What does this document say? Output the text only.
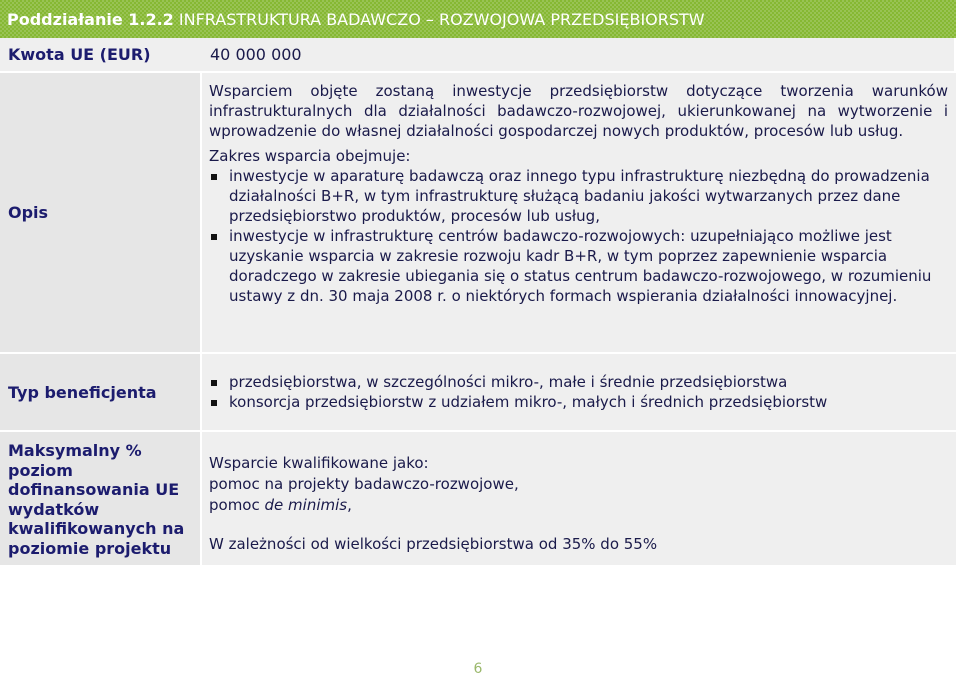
Poddziałanie 1.2.2 INFRASTRUKTURA BADAWCZO – ROZWOJOWA PRZEDSIĘBIORSTW
Kwota UE (EUR)	40 000 000
Opis

Wsparciem objęte zostaną inwestycje przedsiębiorstw dotyczące tworzenia warunków infrastrukturalnych dla działalności badawczo-rozwojowej, ukierunkowanej na wytworzenie i wprowadzenie do własnej działalności gospodarczej nowych produktów, procesów lub usług.

Zakres wsparcia obejmuje:

inwestycje w aparaturę badawczą oraz innego typu infrastrukturę niezbędną do prowadzenia działalności B+R, w tym infrastrukturę służącą badaniu jakości wytwarzanych przez dane przedsiębiorstwo produktów, procesów lub usług,
inwestycje w infrastrukturę centrów badawczo-rozwojowych: uzupełniająco możliwe jest uzyskanie wsparcia w zakresie rozwoju kadr B+R, w tym poprzez zapewnienie wsparcia doradczego w zakresie ubiegania się o status centrum badawczo-rozwojowego, w rozumieniu ustawy z dn. 30 maja 2008 r. o niektórych formach wspierania działalności innowacyjnej.
Typ beneficjenta
przedsiębiorstwa, w szczególności mikro-, małe i średnie przedsiębiorstwa
konsorcja przedsiębiorstw z udziałem mikro-, małych i średnich przedsiębiorstw
Maksymalny % poziom dofinansowania UE wydatków kwalifikowanych na poziomie projektu

Wsparcie kwalifikowane jako:

pomoc na projekty badawczo-rozwojowe,

pomoc de minimis,

W zależności od wielkości przedsiębiorstwa od 35% do 55%

6
